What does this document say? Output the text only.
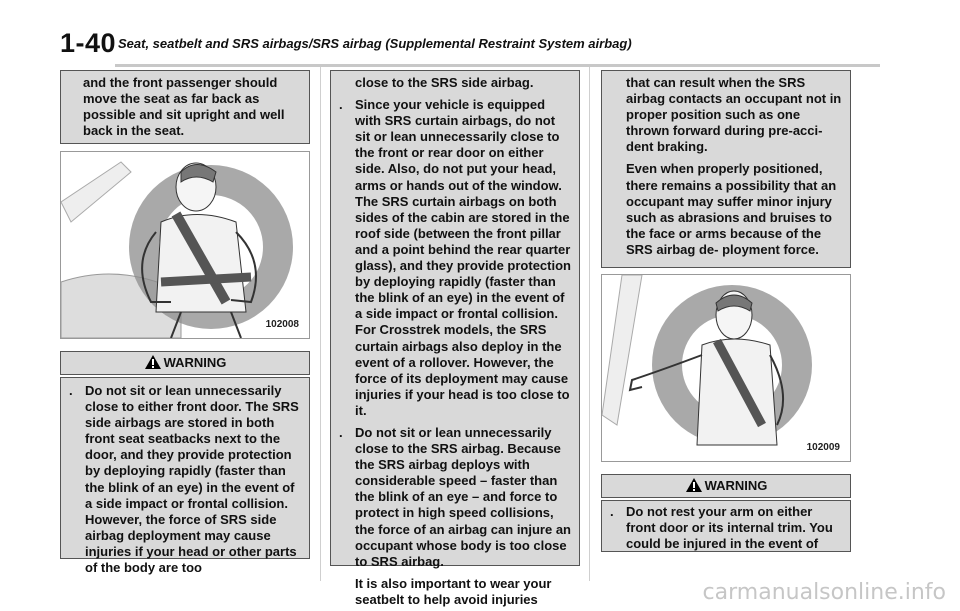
1-40 Seat, seatbelt and SRS airbags/SRS airbag (Supplemental Restraint System airbag)
and the front passenger should move the seat as far back as possible and sit upright and well back in the seat.
102008
WARNING
. Do not sit or lean unnecessarily close to either front door. The SRS side airbags are stored in both front seat seatbacks next to the door, and they provide protection by deploying rapidly (faster than the blink of an eye) in the event of a side impact or frontal collision. However, the force of SRS side airbag deployment may cause injuries if your head or other parts of the body are too
close to the SRS side airbag.
. Since your vehicle is equipped with SRS curtain airbags, do not sit or lean unnecessarily close to the front or rear door on either side. Also, do not put your head, arms or hands out of the window. The SRS curtain airbags on both sides of the cabin are stored in the roof side (between the front pillar and a point behind the rear quarter glass), and they provide protection by deploying rapidly (faster than the blink of an eye) in the event of a side impact or frontal collision. For Crosstrek models, the SRS curtain airbags also deploy in the event of a rollover. However, the force of its deployment may cause injuries if your head is too close to it.
. Do not sit or lean unnecessarily close to the SRS airbag. Because the SRS airbag deploys with considerable speed – faster than the blink of an eye – and force to protect in high speed collisions, the force of an airbag can injure an occupant whose body is too close to SRS airbag.
It is also important to wear your seatbelt to help avoid injuries
that can result when the SRS airbag contacts an occupant not in proper position such as one thrown forward during pre-acci- dent braking.
Even when properly positioned, there remains a possibility that an occupant may suffer minor injury such as abrasions and bruises to the face or arms because of the SRS airbag de- ployment force.
102009
WARNING
. Do not rest your arm on either front door or its internal trim. You could be injured in the event of
carmanualsonline.info
